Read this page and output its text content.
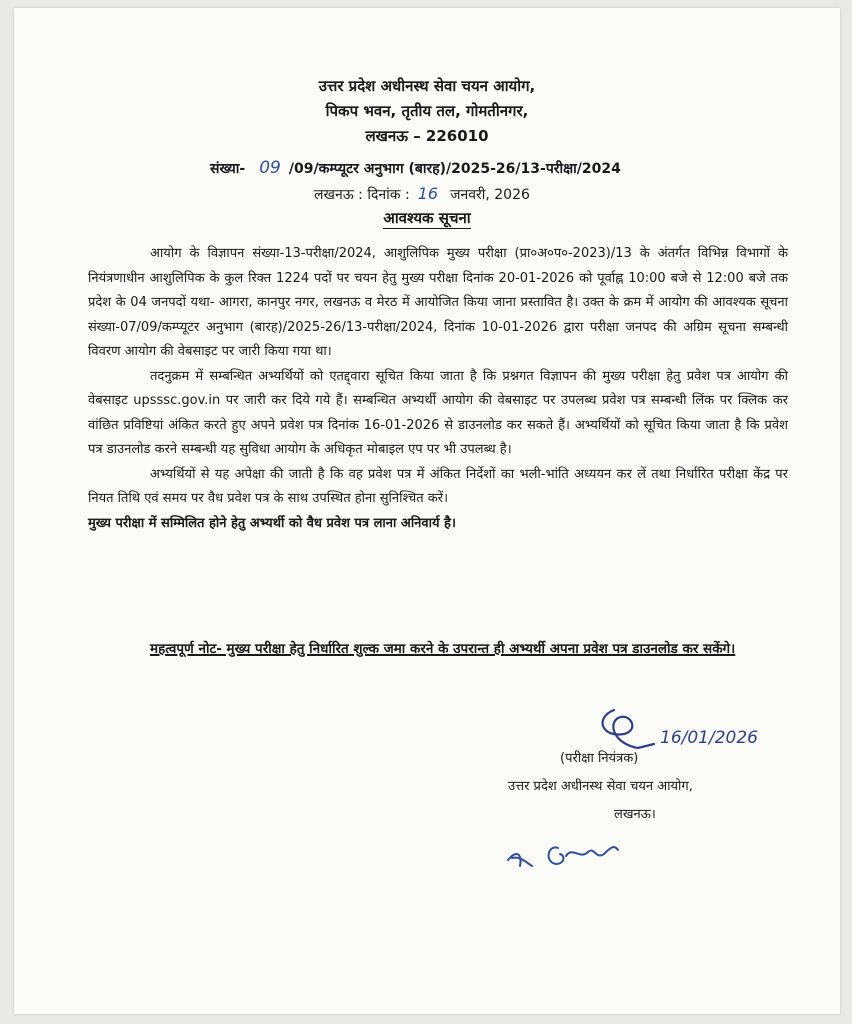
उत्तर प्रदेश अधीनस्थ सेवा चयन आयोग,
पिकप भवन, तृतीय तल, गोमतीनगर,
लखनऊ – 226010
संख्या- 09 /09/कम्प्यूटर अनुभाग (बारह)/2025-26/13-परीक्षा/2024
लखनऊ : दिनांक : 16 जनवरी, 2026
आवश्यक सूचना

आयोग के विज्ञापन संख्या-13-परीक्षा/2024, आशुलिपिक मुख्य परीक्षा (प्रा०अ०प०-2023)/13 के अंतर्गत विभिन्न विभागों के नियंत्रणाधीन आशुलिपिक के कुल रिक्त 1224 पदों पर चयन हेतु मुख्य परीक्षा दिनांक 20-01-2026 को पूर्वाह्न 10:00 बजे से 12:00 बजे तक प्रदेश के 04 जनपदों यथा- आगरा, कानपुर नगर, लखनऊ व मेरठ में आयोजित किया जाना प्रस्तावित है। उक्त के क्रम में आयोग की आवश्यक सूचना संख्या-07/09/कम्प्यूटर अनुभाग (बारह)/2025-26/13-परीक्षा/2024, दिनांक 10-01-2026 द्वारा परीक्षा जनपद की अग्रिम सूचना सम्बन्धी विवरण आयोग की वेबसाइट पर जारी किया गया था।

तदनुक्रम में सम्बन्धित अभ्यर्थियों को एतद्द्वारा सूचित किया जाता है कि प्रश्नगत विज्ञापन की मुख्य परीक्षा हेतु प्रवेश पत्र आयोग की वेबसाइट upsssc.gov.in पर जारी कर दिये गये हैं। सम्बन्धित अभ्यर्थी आयोग की वेबसाइट पर उपलब्ध प्रवेश पत्र सम्बन्धी लिंक पर क्लिक कर वांछित प्रविष्टियां अंकित करते हुए अपने प्रवेश पत्र दिनांक 16-01-2026 से डाउनलोड कर सकते हैं। अभ्यर्थियों को सूचित किया जाता है कि प्रवेश पत्र डाउनलोड करने सम्बन्धी यह सुविधा आयोग के अधिकृत मोबाइल एप पर भी उपलब्ध है।

अभ्यर्थियों से यह अपेक्षा की जाती है कि वह प्रवेश पत्र में अंकित निर्देशों का भली-भांति अध्ययन कर लें तथा निर्धारित परीक्षा केंद्र पर नियत तिथि एवं समय पर वैध प्रवेश पत्र के साथ उपस्थित होना सुनिश्चित करें।

मुख्य परीक्षा में सम्मिलित होने हेतु अभ्यर्थी को वैध प्रवेश पत्र लाना अनिवार्य है।

महत्वपूर्ण नोट- मुख्य परीक्षा हेतु निर्धारित शुल्क जमा करने के उपरान्त ही अभ्यर्थी अपना प्रवेश पत्र डाउनलोड कर सकेंगे।
16/01/2026
(परीक्षा नियंत्रक)
उत्तर प्रदेश अधीनस्थ सेवा चयन आयोग,
लखनऊ।
